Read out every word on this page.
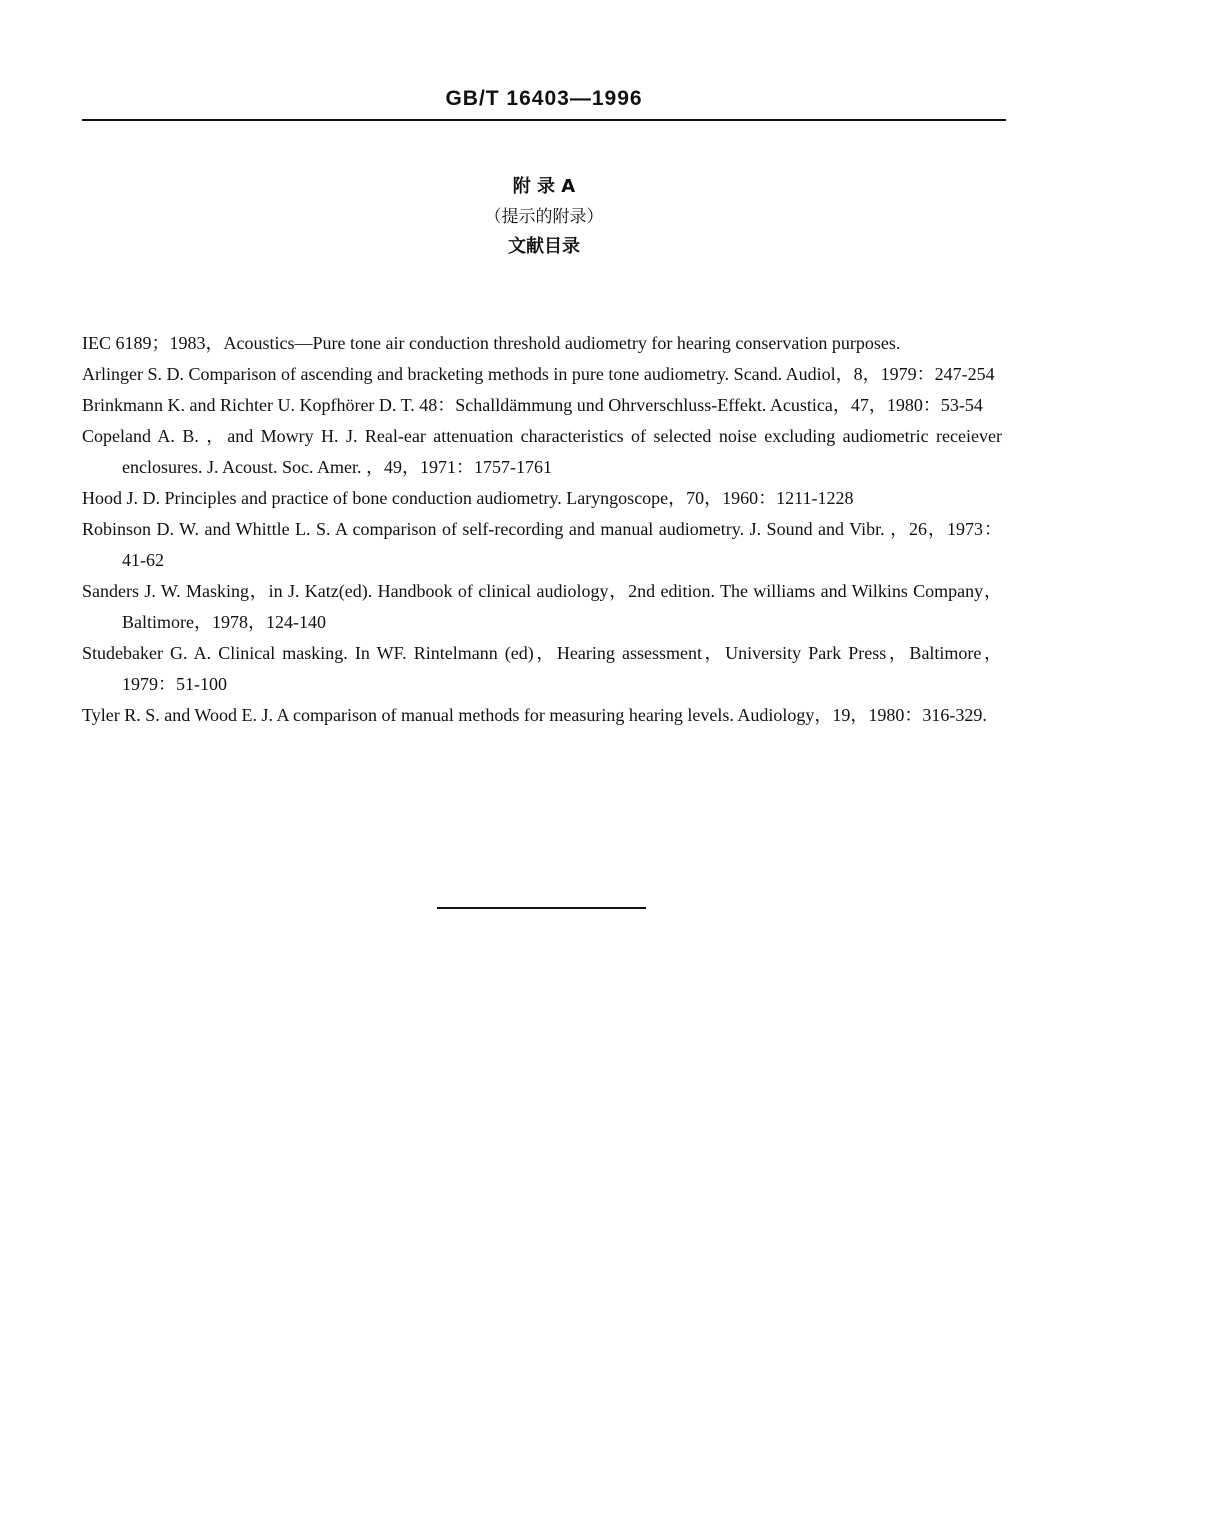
GB/T 16403—1996
附 录 A
（提示的附录）
文献目录
IEC 6189；1983，Acoustics—Pure tone air conduction threshold audiometry for hearing conservation purposes.
Arlinger S. D. Comparison of ascending and bracketing methods in pure tone audiometry. Scand. Audiol，8，1979：247-254
Brinkmann K. and Richter U. Kopfhörer D. T. 48：Schalldämmung und Ohrverschluss-Effekt. Acustica，47，1980：53-54
Copeland A. B. ，and Mowry H. J. Real-ear attenuation characteristics of selected noise excluding audiometric receiever enclosures. J. Acoust. Soc. Amer. ，49，1971：1757-1761
Hood J. D. Principles and practice of bone conduction audiometry. Laryngoscope，70，1960：1211-1228
Robinson D. W. and Whittle L. S. A comparison of self-recording and manual audiometry. J. Sound and Vibr. ，26，1973：41-62
Sanders J. W. Masking，in J. Katz(ed). Handbook of clinical audiology，2nd edition. The williams and Wilkins Company，Baltimore，1978，124-140
Studebaker G. A. Clinical masking. In WF. Rintelmann (ed)，Hearing assessment，University Park Press，Baltimore，1979：51-100
Tyler R. S. and Wood E. J. A comparison of manual methods for measuring hearing levels. Audiology，19，1980：316-329.
